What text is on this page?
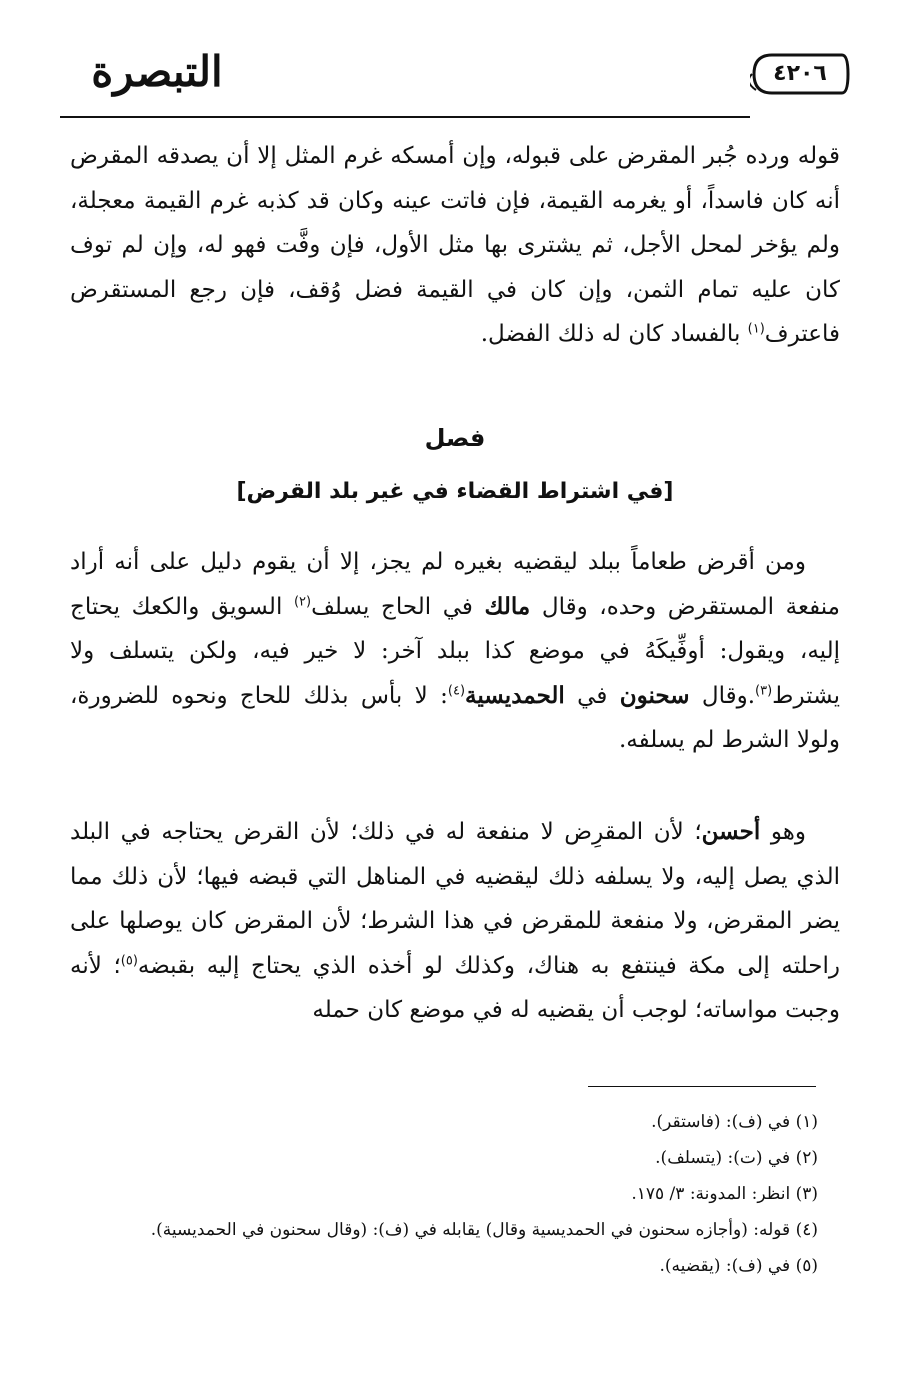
التبصرة	٤٢٠٦
قوله ورده جُبر المقرض على قبوله، وإن أمسكه غرم المثل إلا أن يصدقه المقرض أنه كان فاسداً، أو يغرمه القيمة، فإن فاتت عينه وكان قد كذبه غرم القيمة معجلة، ولم يؤخر لمحل الأجل، ثم يشترى بها مثل الأول، فإن وفَّت فهو له، وإن لم توف كان عليه تمام الثمن، وإن كان في القيمة فضل وُقف، فإن رجع المستقرض فاعترف$^{(١)}$ بالفساد كان له ذلك الفضل.
فصل
[في اشتراط القضاء في غير بلد القرض]
ومن أقرض طعاماً ببلد ليقضيه بغيره لم يجز، إلا أن يقوم دليل على أنه أراد منفعة المستقرض وحده، وقال مالك في الحاج يسلف$^{(٢)}$ السويق والكعك يحتاج إليه، ويقول: أوفِّيكَهُ في موضع كذا ببلد آخر: لا خير فيه، ولكن يتسلف ولا يشترط$^{(٣)}$.وقال سحنون في الحمديسية$^{(٤)}$: لا بأس بذلك للحاج ونحوه للضرورة، ولولا الشرط لم يسلفه.
وهو أحسن؛ لأن المقرِض لا منفعة له في ذلك؛ لأن القرض يحتاجه في البلد الذي يصل إليه، ولا يسلفه ذلك ليقضيه في المناهل التي قبضه فيها؛ لأن ذلك مما يضر المقرض، ولا منفعة للمقرض في هذا الشرط؛ لأن المقرض كان يوصلها على راحلته إلى مكة فينتفع به هناك، وكذلك لو أخذه الذي يحتاج إليه بقبضه$^{(٥)}$؛ لأنه وجبت مواساته؛ لوجب أن يقضيه له في موضع كان حمله
(١) في (ف): (فاستقر).
(٢) في (ت): (يتسلف).
(٣) انظر: المدونة: ٣/ ١٧٥.
(٤) قوله: (وأجازه سحنون في الحمديسية وقال) يقابله في (ف): (وقال سحنون في الحمديسية).
(٥) في (ف): (يقضيه).
